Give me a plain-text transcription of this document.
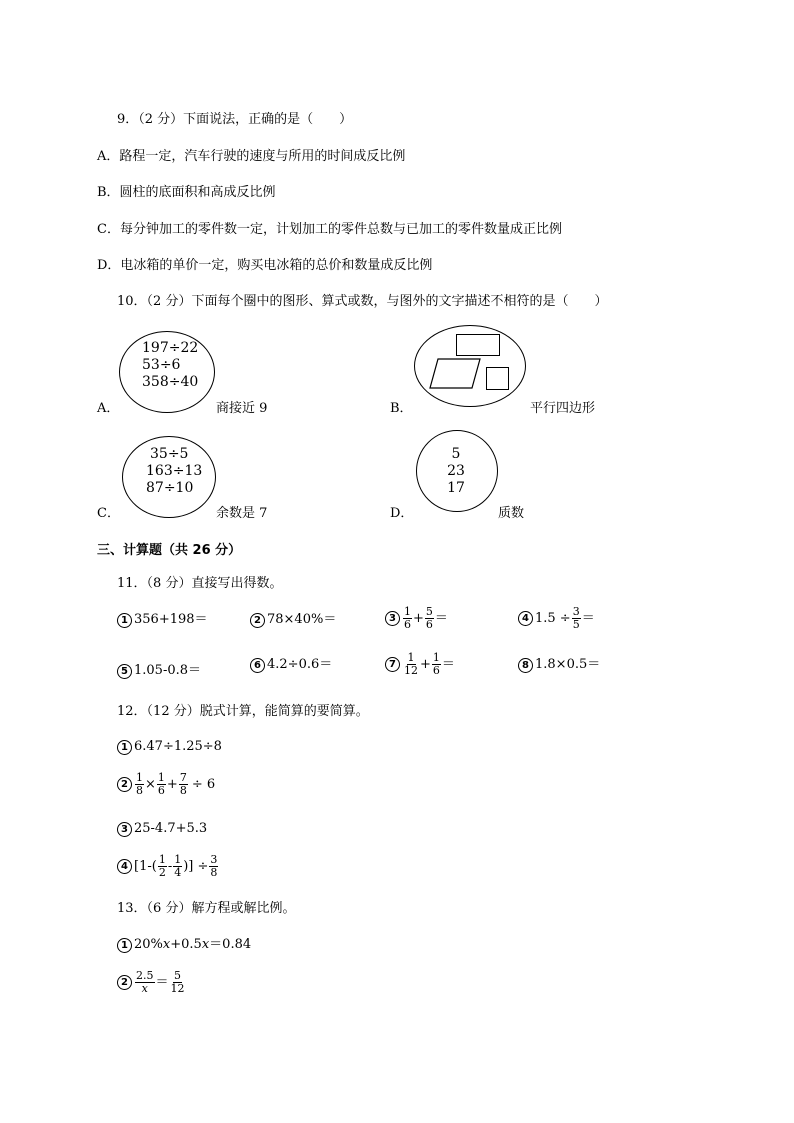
9．（2 分）下面说法，正确的是（　　）
A．路程一定，汽车行驶的速度与所用的时间成反比例
B．圆柱的底面积和高成反比例
C．每分钟加工的零件数一定，计划加工的零件总数与已加工的零件数量成正比例
D．电冰箱的单价一定，购买电冰箱的总价和数量成反比例
10．（2 分）下面每个圈中的图形、算式或数，与图外的文字描述不相符的是（　　）
197÷22
53÷6
358÷40
A．	商接近 9	B．	平行四边形
35÷5
163÷13
87÷10
C．	余数是 7
5
23
17
D．	质数
三、计算题（共 26 分）
11．（8 分）直接写出得数。
1 356+198＝	2 78×40%＝	$3 \frac{1}{6} + \frac{5}{6}$ ＝	4 $1.5 \div \frac{3}{5}$ ＝
5 1.05-0.8＝	6 4.2÷0.6＝	$7 \frac{1}{12} + \frac{1}{6}$ ＝	8 1.8×0.5＝
12．（12 分）脱式计算，能简算的要简算。
1 6.47÷1.25÷8
$2 \frac{1}{8} \times \frac{1}{6} + \frac{7}{8} \div 6$
3 25-4.7+5.3
4 [$1-( \frac{1}{2} - \frac{1}{4}$ )] ÷ $\frac{3}{8}$
13．（6 分）解方程或解比例。
1 20% x +0.5 x ＝0.84
$2 \frac{2.5}{x} = \frac{5}{12}$
